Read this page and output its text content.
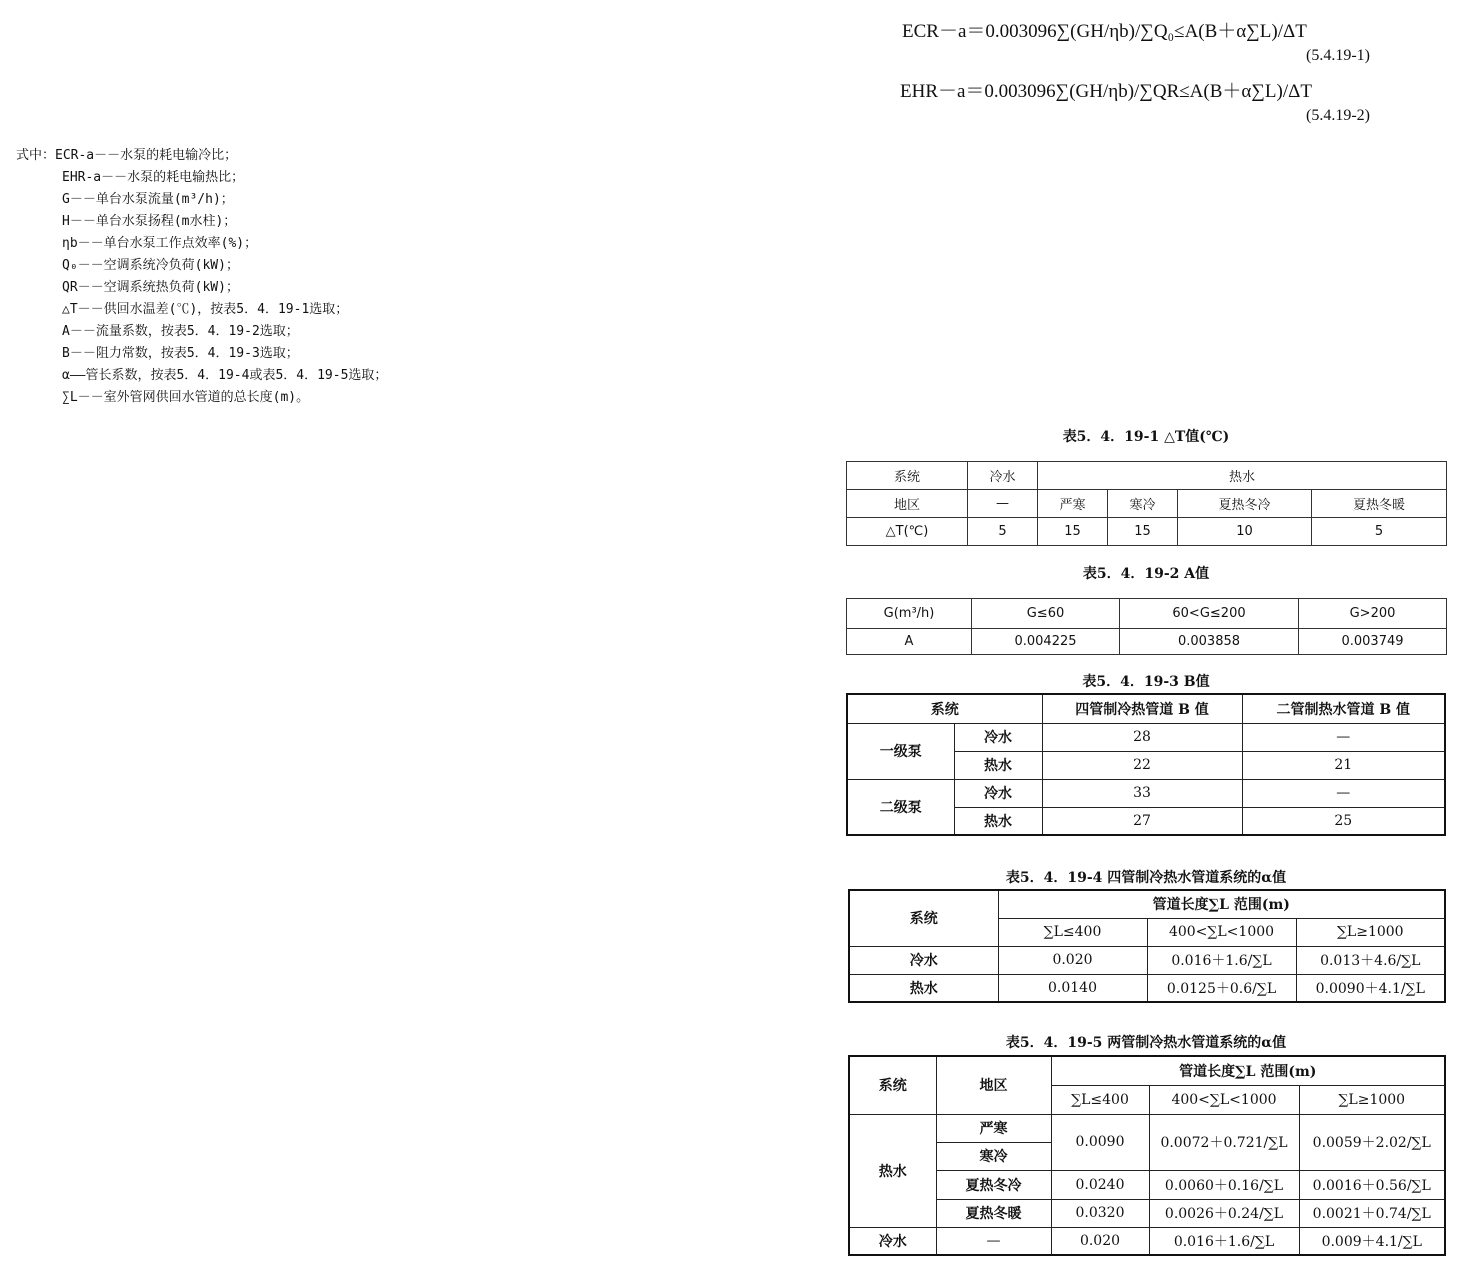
ECR－a＝0.003096∑(GH/ηb)/∑Q₀≤A(B＋α∑L)/ΔT
(5.4.19-1)
EHR－a＝0.003096∑(GH/ηb)/∑QR≤A(B＋α∑L)/ΔT
(5.4.19-2)
式中：ECR-a－－水泵的耗电输冷比；
EHR-a－－水泵的耗电输热比；
G－－单台水泵流量(m³/h)；
H－－单台水泵扬程(m水柱)；
ηb－－单台水泵工作点效率(%)；
Q₀－－空调系统冷负荷(kW)；
QR－－空调系统热负荷(kW)；
△T－－供回水温差(℃)，按表5．4．19-1选取；
A－－流量系数，按表5．4．19-2选取；
B－－阻力常数，按表5．4．19-3选取；
α——管长系数，按表5．4．19-4或表5．4．19-5选取；
∑L－－室外管网供回水管道的总长度(m)。
表5．4．19-1 △T值(℃)
系统	冷水	热水			
地区	—	严寒	寒冷	夏热冬冷	夏热冬暖
△T(℃)	5	15	15	10	5
表5．4．19-2 A值
G(m³/h)	G≤60	60<G≤200	G>200
A	0.004225	0.003858	0.003749
表5．4．19-3 B值
系统		四管制冷热管道 B 值	二管制热水管道 B 值
一级泵	冷水	28	—
	热水	22	21
二级泵	冷水	33	—
	热水	27	25
表5．4．19-4 四管制冷热水管道系统的α值
系统	管道长度∑L 范围(m)		
	∑L≤400	400<∑L<1000	∑L≥1000
冷水	0.020	0.016＋1.6/∑L	0.013＋4.6/∑L
热水	0.0140	0.0125＋0.6/∑L	0.0090＋4.1/∑L
表5．4．19-5 两管制冷热水管道系统的α值
系统	地区	管道长度∑L 范围(m)		
		∑L≤400	400<∑L<1000	∑L≥1000
热水	严寒	0.0090	0.0072＋0.721/∑L	0.0059＋2.02/∑L
	寒冷			
	夏热冬冷	0.0240	0.0060＋0.16/∑L	0.0016＋0.56/∑L
	夏热冬暖	0.0320	0.0026＋0.24/∑L	0.0021＋0.74/∑L
冷水	—	0.020	0.016＋1.6/∑L	0.009＋4.1/∑L
